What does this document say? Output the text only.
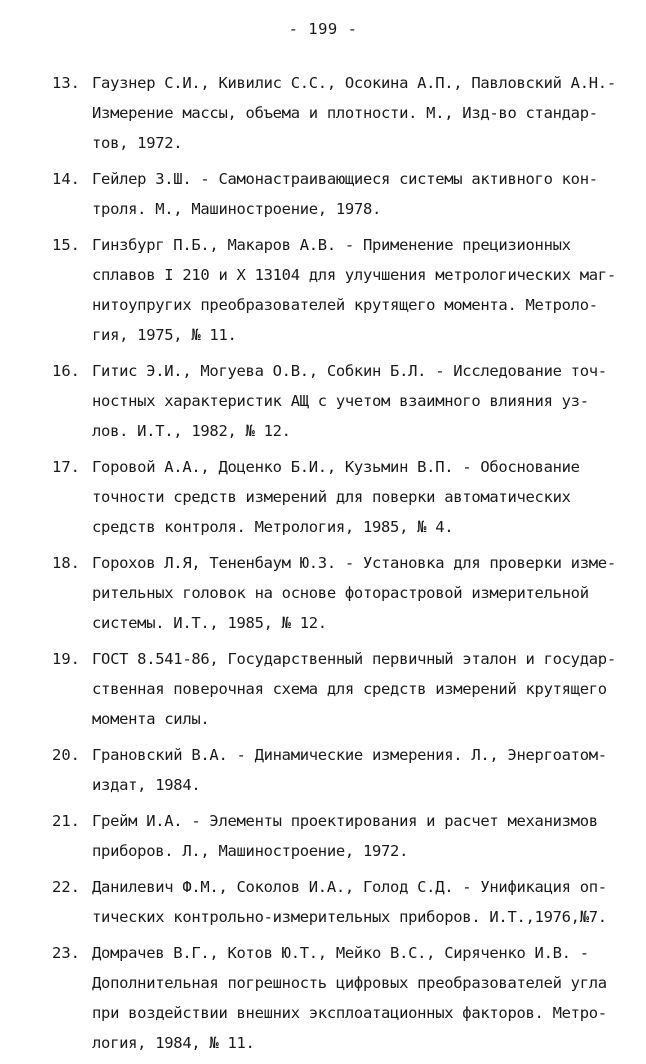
- 199 -
13. Гаузнер С.И., Кивилис С.С., Осокина А.П., Павловский А.Н.-
Измерение массы, объема и плотности. М., Изд-во стандар-
тов, 1972.
14. Гейлер З.Ш. - Самонастраивающиеся системы активного кон-
троля. М., Машиностроение, 1978.
15. Гинзбург П.Б., Макаров А.В. - Применение прецизионных
сплавов I 210 и X 13104 для улучшения метрологических маг-
нитоупругих преобразователей крутящего момента. Метроло-
гия, 1975, № 11.
16. Гитис Э.И., Могуева О.В., Собкин Б.Л. - Исследование точ-
ностных характеристик АЩ с учетом взаимного влияния уз-
лов. И.Т., 1982, № 12.
17. Горовой А.А., Доценко Б.И., Кузьмин В.П. - Обоснование
точности средств измерений для поверки автоматических
средств контроля. Метрология, 1985, № 4.
18. Горохов Л.Я, Тененбаум Ю.З. - Установка для проверки изме-
рительных головок на основе фоторастровой измерительной
системы. И.Т., 1985, № 12.
19. ГОСТ 8.541-86, Государственный первичный эталон и государ-
ственная поверочная схема для средств измерений крутящего
момента силы.
20. Грановский В.А. - Динамические измерения. Л., Энергоатом-
издат, 1984.
21. Грейм И.А. - Элементы проектирования и расчет механизмов
приборов. Л., Машиностроение, 1972.
22. Данилевич Ф.М., Соколов И.А., Голод С.Д. - Унификация оп-
тических контрольно-измерительных приборов. И.Т.,1976,№7.
23. Домрачев В.Г., Котов Ю.Т., Мейко В.С., Сиряченко И.В. -
Дополнительная погрешность цифровых преобразователей угла
при воздействии внешних эксплоатационных факторов. Метро-
логия, 1984, № 11.
